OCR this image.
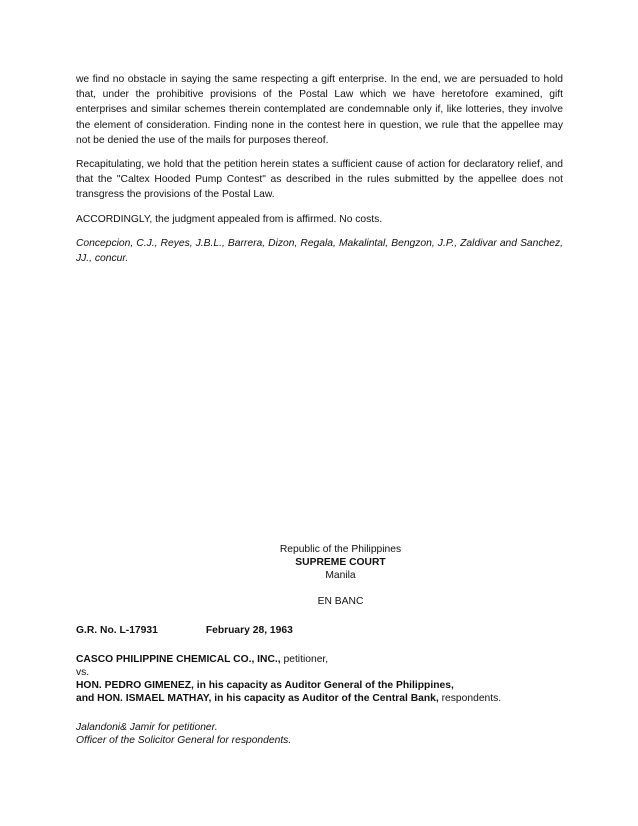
we find no obstacle in saying the same respecting a gift enterprise. In the end, we are persuaded to hold that, under the prohibitive provisions of the Postal Law which we have heretofore examined, gift enterprises and similar schemes therein contemplated are condemnable only if, like lotteries, they involve the element of consideration. Finding none in the contest here in question, we rule that the appellee may not be denied the use of the mails for purposes thereof.

Recapitulating, we hold that the petition herein states a sufficient cause of action for declaratory relief, and that the "Caltex Hooded Pump Contest" as described in the rules submitted by the appellee does not transgress the provisions of the Postal Law.

ACCORDINGLY, the judgment appealed from is affirmed. No costs.

Concepcion, C.J., Reyes, J.B.L., Barrera, Dizon, Regala, Makalintal, Bengzon, J.P., Zaldivar and Sanchez, JJ., concur.

Republic of the Philippines

SUPREME COURT

Manila

EN BANC

G.R. No. L-17931	February 28, 1963

CASCO PHILIPPINE CHEMICAL CO., INC., petitioner,

vs.

HON. PEDRO GIMENEZ, in his capacity as Auditor General of the Philippines,

and HON. ISMAEL MATHAY, in his capacity as Auditor of the Central Bank, respondents.

Jalandoni& Jamir for petitioner.

Officer of the Solicitor General for respondents.
